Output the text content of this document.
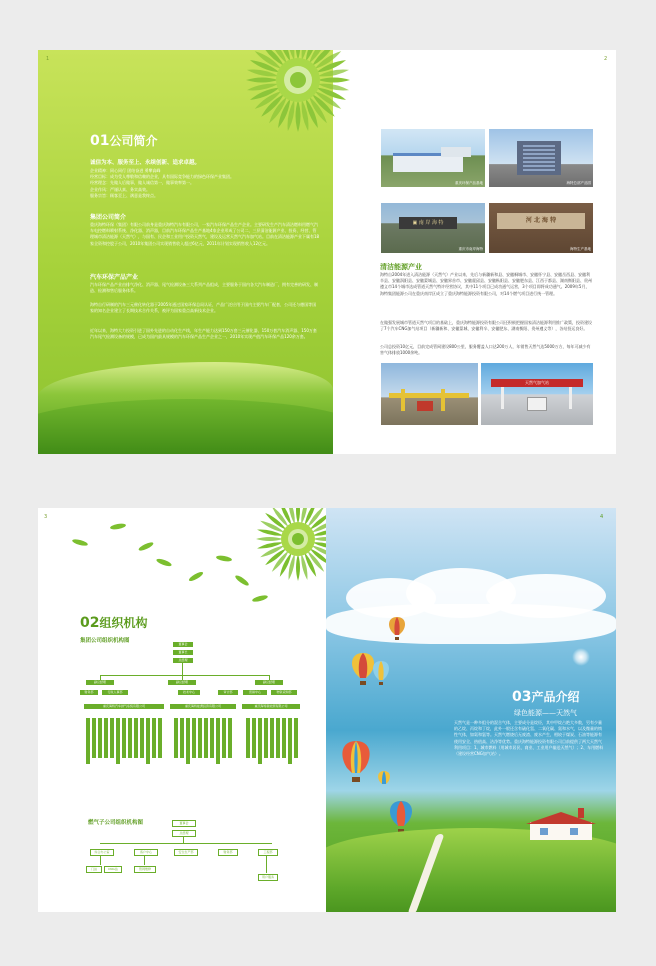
1
01公司简介
诚信为本、服务至上、永续创新、追求卓越。
企业精神：同心同行 团结奋进 勇攀高峰
经营目标：成为受人尊敬和信赖的企业，具有国际竞争能力的绿色环保产业集团。
经营理念：先做人后做事，做人诚信第一，做事效率第一。
企业作风：严谨认真、务实高效。
服务宗旨：顾客至上、满意是我终点。
集团公司简介
重庆海特环保（集团）有限公司前身是重庆海特汽车有限公司，一家汽车环保产品生产企业。主要研发生产汽车清洁燃料用燃气汽车电控燃料喷射系统、净化器、消声器，目前汽车环保产品生产基地4家企业形成了公司二、三层清洁能源产业、投资、经营、管理城市清洁能源（天然气），与国有、民企和工业用户投资天然气，建设及运营天然气汽车加气站。目前在清洁能源产业下属有18家全资和控股子公司，2010年集团公司实现销售收入超过6亿元，2011年计划实现销售收入12亿元。
汽车环保产品产业
汽车环保产品产业由排气净化、消声器、尾气检测设备三大系列产品组成，主要服务于国内各大汽车制造厂，拥有完善的研发、制造、检测和售后服务体系。
海特自行研制的汽车三元催化转化器于2005年通过国家环保总局认证，产品广泛应用于国内主要汽车厂配套，公司还与德国等国家的知名企业建立了长期技术合作关系，被评为国家重点高新技术企业。
近年以来，海特大力投资引进了国外先进的自动化生产线，年生产能力达到150万套三元催化器、150万套汽车消声器、150万套汽车尾气检测设备的规模，已成为国内最具规模的汽车环保产品生产企业之一，2010年实现产值汽车环保产品120余万套。
2
重庆环保产品基地	海特总部产品园
▣ 南 岸 海 特
重庆市南岸海特
河 北 海 特
海特生产基地
清洁能源产业
海特自2004年进入清洁能源（天然气）产业以来，先后与新疆新和县、安徽桐城市、安徽怀宁县、安徽岳西县、安徽利辛县、安徽涡阳县、安徽蒙城县、安徽界首市、安徽霍邱县、安徽枞阳县、安徽肥东县、江西于都县、湖南衡阳县、贵州遵义市14个城市达成管道天然气特许经营协议，其中11个项目已成功通气运营，3个项目即将成功通气。2009年5月，海特集团能源公司在重庆南岸区成立了重庆海特能源投资有限公司，对14个燃气项目进行统一管理。
在做强发展城市管道天然气项目的基础上，重庆海特能源投资有限公司还积极把握国家清洁能源利用推广政策，投资建设了7个汽车CNG加气站项目（新疆新和、安徽蒙城、安徽利辛、安徽肥东、湖南衡阳、贵州遵义等），各站投运良好。
公司总投资10亿元，目前完成管网建设800公里，服务覆盖人口达200万人，年销售天然气达5000万方，每年可减少有害气体排放1000余吨。
天然气加气站
3
02组织机构
集团公司组织机构图	董事会
董事长
总经理
副总经理	副总经理	副总经理
财务部	行政人事部	技术中心	审计部	营销中心	物资采购部
重庆海特汽车排气系统有限公司	重庆海特能源投资有限公司	重庆海特新能源有限公司
燃气子公司组织机构图	董事会
总经理
综合办公室	客户中心	安全生产部	财务部	工程部
门站	CNG站	管网维修
用户服务
4
03产品介绍
绿色能源——天然气
天然气是一种多组分的混合气体，主要成分是烷烃，其中甲烷占绝大多数，另有少量的乙烷、丙烷和丁烷，此外一般还含有硫化氢、二氧化碳、氮和水气，以及微量的惰性气体，如氦和氩等。天然气燃烧后无废渣、废水产生，相较于煤炭、石油等能源有使用安全、热值高、洁净等优势。重庆海特能源投资有限公司目前提供了两大天然气利用项目：1、城市燃料（用城市居民、商业、工业用户输送天然气）；2、车用燃料（建设经营CNG加气站）。
